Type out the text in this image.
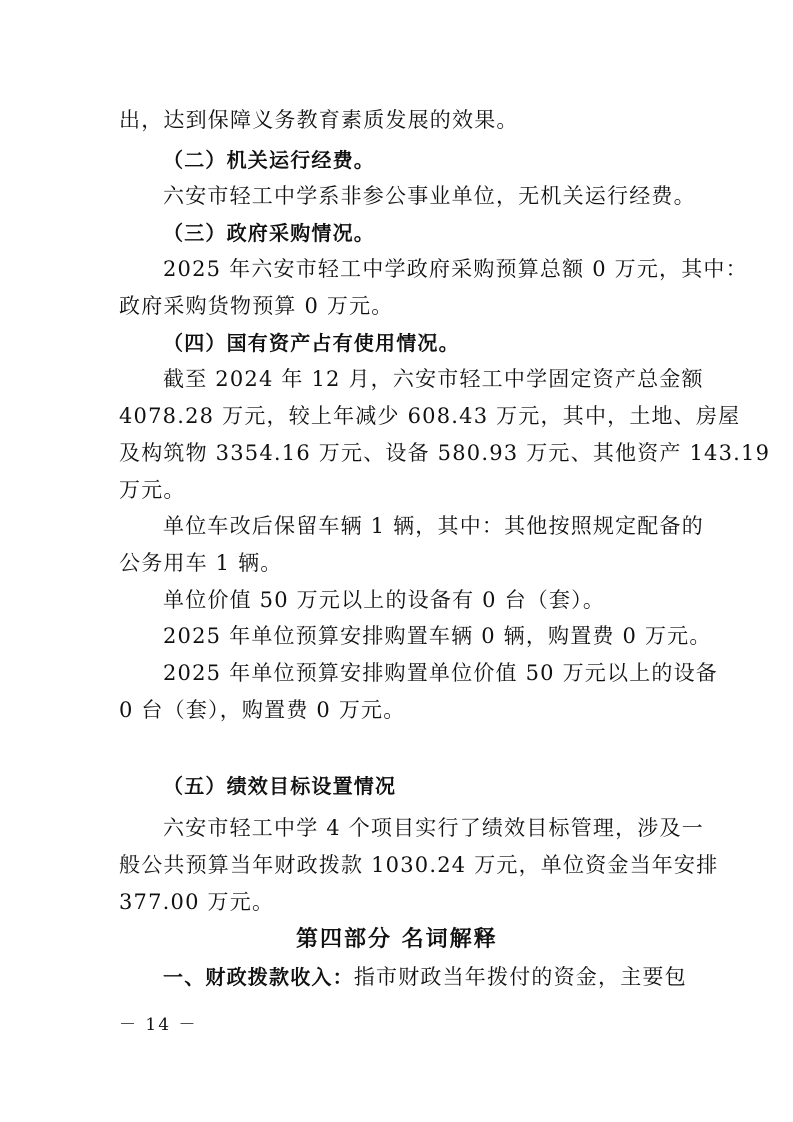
出，达到保障义务教育素质发展的效果。
（二）机关运行经费。
六安市轻工中学系非参公事业单位，无机关运行经费。
（三）政府采购情况。
2025 年六安市轻工中学政府采购预算总额 0 万元，其中：
政府采购货物预算 0 万元。
（四）国有资产占有使用情况。
截至 2024 年 12 月，六安市轻工中学固定资产总金额
4078.28 万元，较上年减少 608.43 万元，其中，土地、房屋
及构筑物 3354.16 万元、设备 580.93 万元、其他资产 143.19
万元。
单位车改后保留车辆 1 辆，其中：其他按照规定配备的
公务用车 1 辆。
单位价值 50 万元以上的设备有 0 台（套）。
2025 年单位预算安排购置车辆 0 辆，购置费 0 万元。
2025 年单位预算安排购置单位价值 50 万元以上的设备
0 台（套），购置费 0 万元。
（五）绩效目标设置情况
六安市轻工中学 4 个项目实行了绩效目标管理，涉及一
般公共预算当年财政拨款 1030.24 万元，单位资金当年安排
377.00 万元。
第四部分 名词解释
一、财政拨款收入：指市财政当年拨付的资金，主要包
－ 14 －
